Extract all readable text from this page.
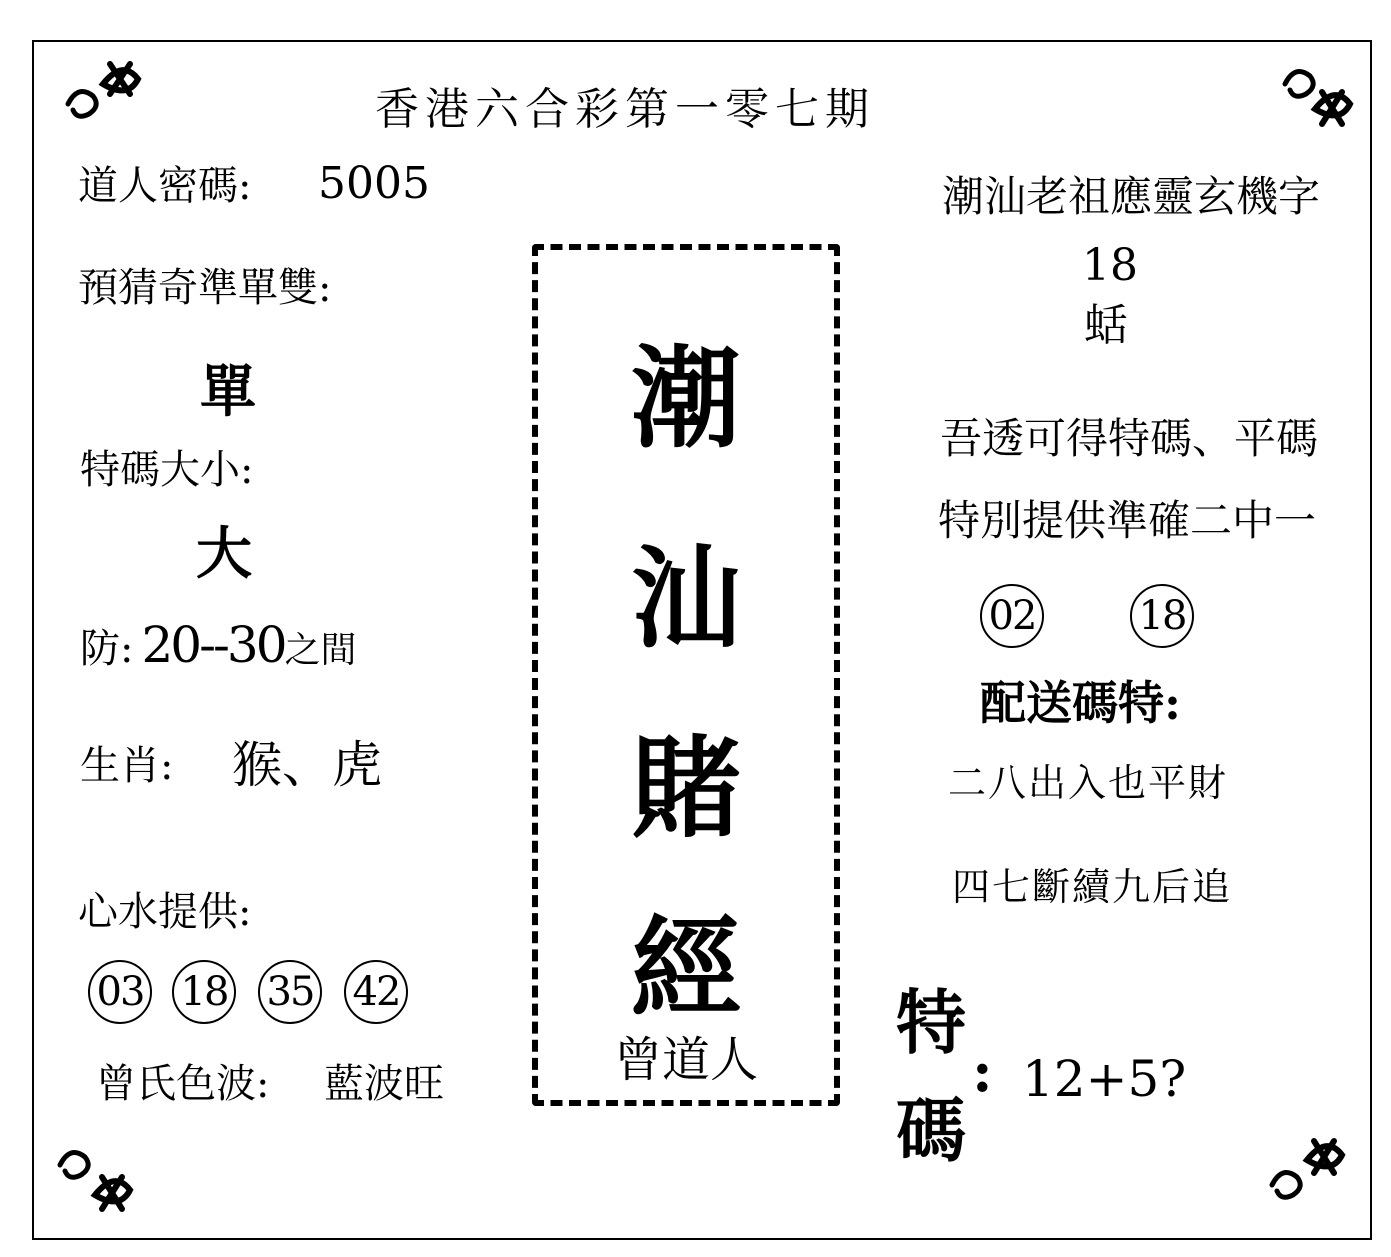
香港六合彩第一零七期
道人密碼: 5005
預猜奇準單雙:
單
特碼大小:
大
防: 20--30之間
生肖: 猴、虎
心水提供:
03 18 35 42
曾氏色波: 藍波旺
潮
汕
賭
經
曾道人
潮汕老祖應靈玄機字
18
蛞
吾透可得特碼、平碼
特別提供準確二中一
02	18
配送碼特:
二八出入也平財
四七斷續九后追
特
碼
: 12+5?
